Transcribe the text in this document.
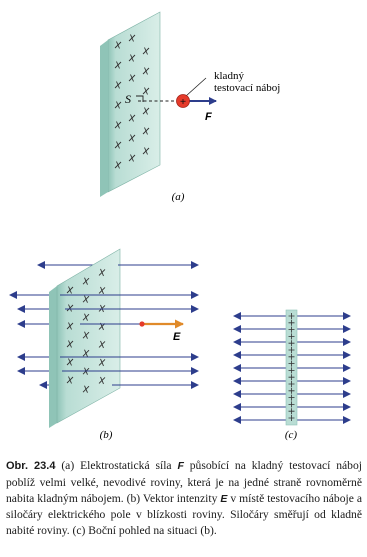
S
kladný
testovací náboj
+
F
(a)
E
(b)	(c)
Obr. 23.4 (a) Elektrostatická síla F působící na kladný testovací náboj poblíž velmi velké, nevodivé roviny, která je na jedné straně rovnoměrně nabita kladným nábojem. (b) Vektor intenzity E v místě testovacího náboje a siločáry elektrického pole v blízkosti roviny. Siločáry směřují od kladně nabité roviny. (c) Boční pohled na situaci (b).
